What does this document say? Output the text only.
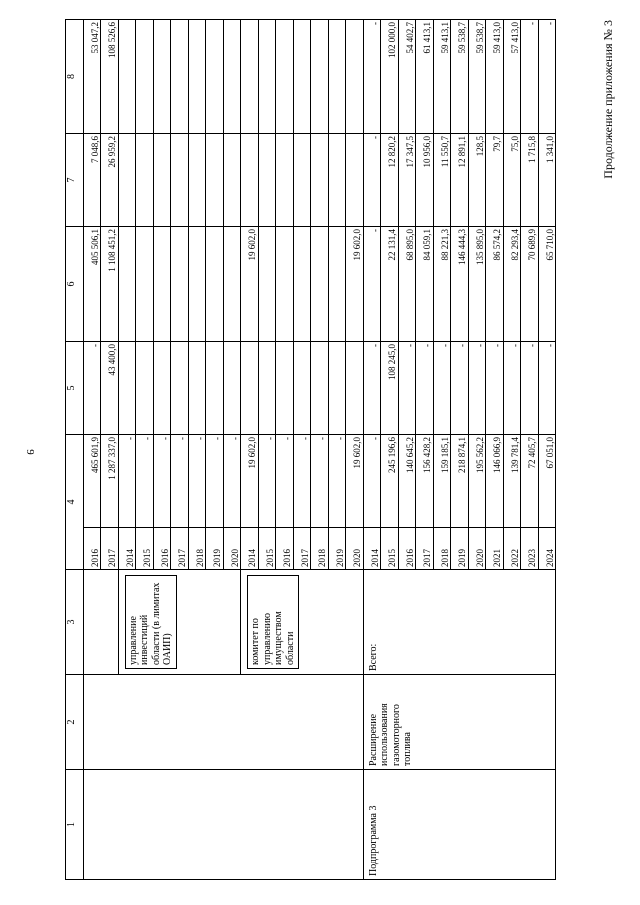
9
Продолжение приложения № 3
1	2	3	4		5	6	7	8
			2016	465 601,9	-	405 506,1	7 048,6	53 047,2
			2017	1 287 337,0	43 400,0	1 108 451,2	26 959,2	108 526,6

		управление инвестиций области (в лимитах ОАИП)	2014	-				
			2015	-				
			2016	-				
			2017	-				
			2018	-				
			2019	-				
			2020	-				

		комитет по управлению имуществом области	2014	19 602,0		19 602,0		
			2015	-				
			2016	-				
			2017	-				
			2018	-				
			2019	-				
			2020	19 602,0		19 602,0		
Подпрограмма 3	Расширение использования газомоторного топлива	Всего:	2014	-	-	-	-	-
			2015	245 196,6	108 245,0	22 131,4	12 820,2	102 000,0
			2016	140 645,2	-	68 895,0	17 347,5	54 402,7
			2017	156 428,2	-	84 059,1	10 956,0	61 413,1
			2018	159 185,1	-	88 221,3	11 550,7	59 413,1
			2019	218 874,1	-	146 444,3	12 891,1	59 538,7
			2020	195 562,2	-	135 895,0	128,5	59 538,7
			2021	146 066,9	-	86 574,2	79,7	59 413,0
			2022	139 781,4	-	82 293,4	75,0	57 413,0
			2023	72 405,7	-	70 689,9	1 715,8	-
			2024	67 051,0	-	65 710,0	1 341,0	-
